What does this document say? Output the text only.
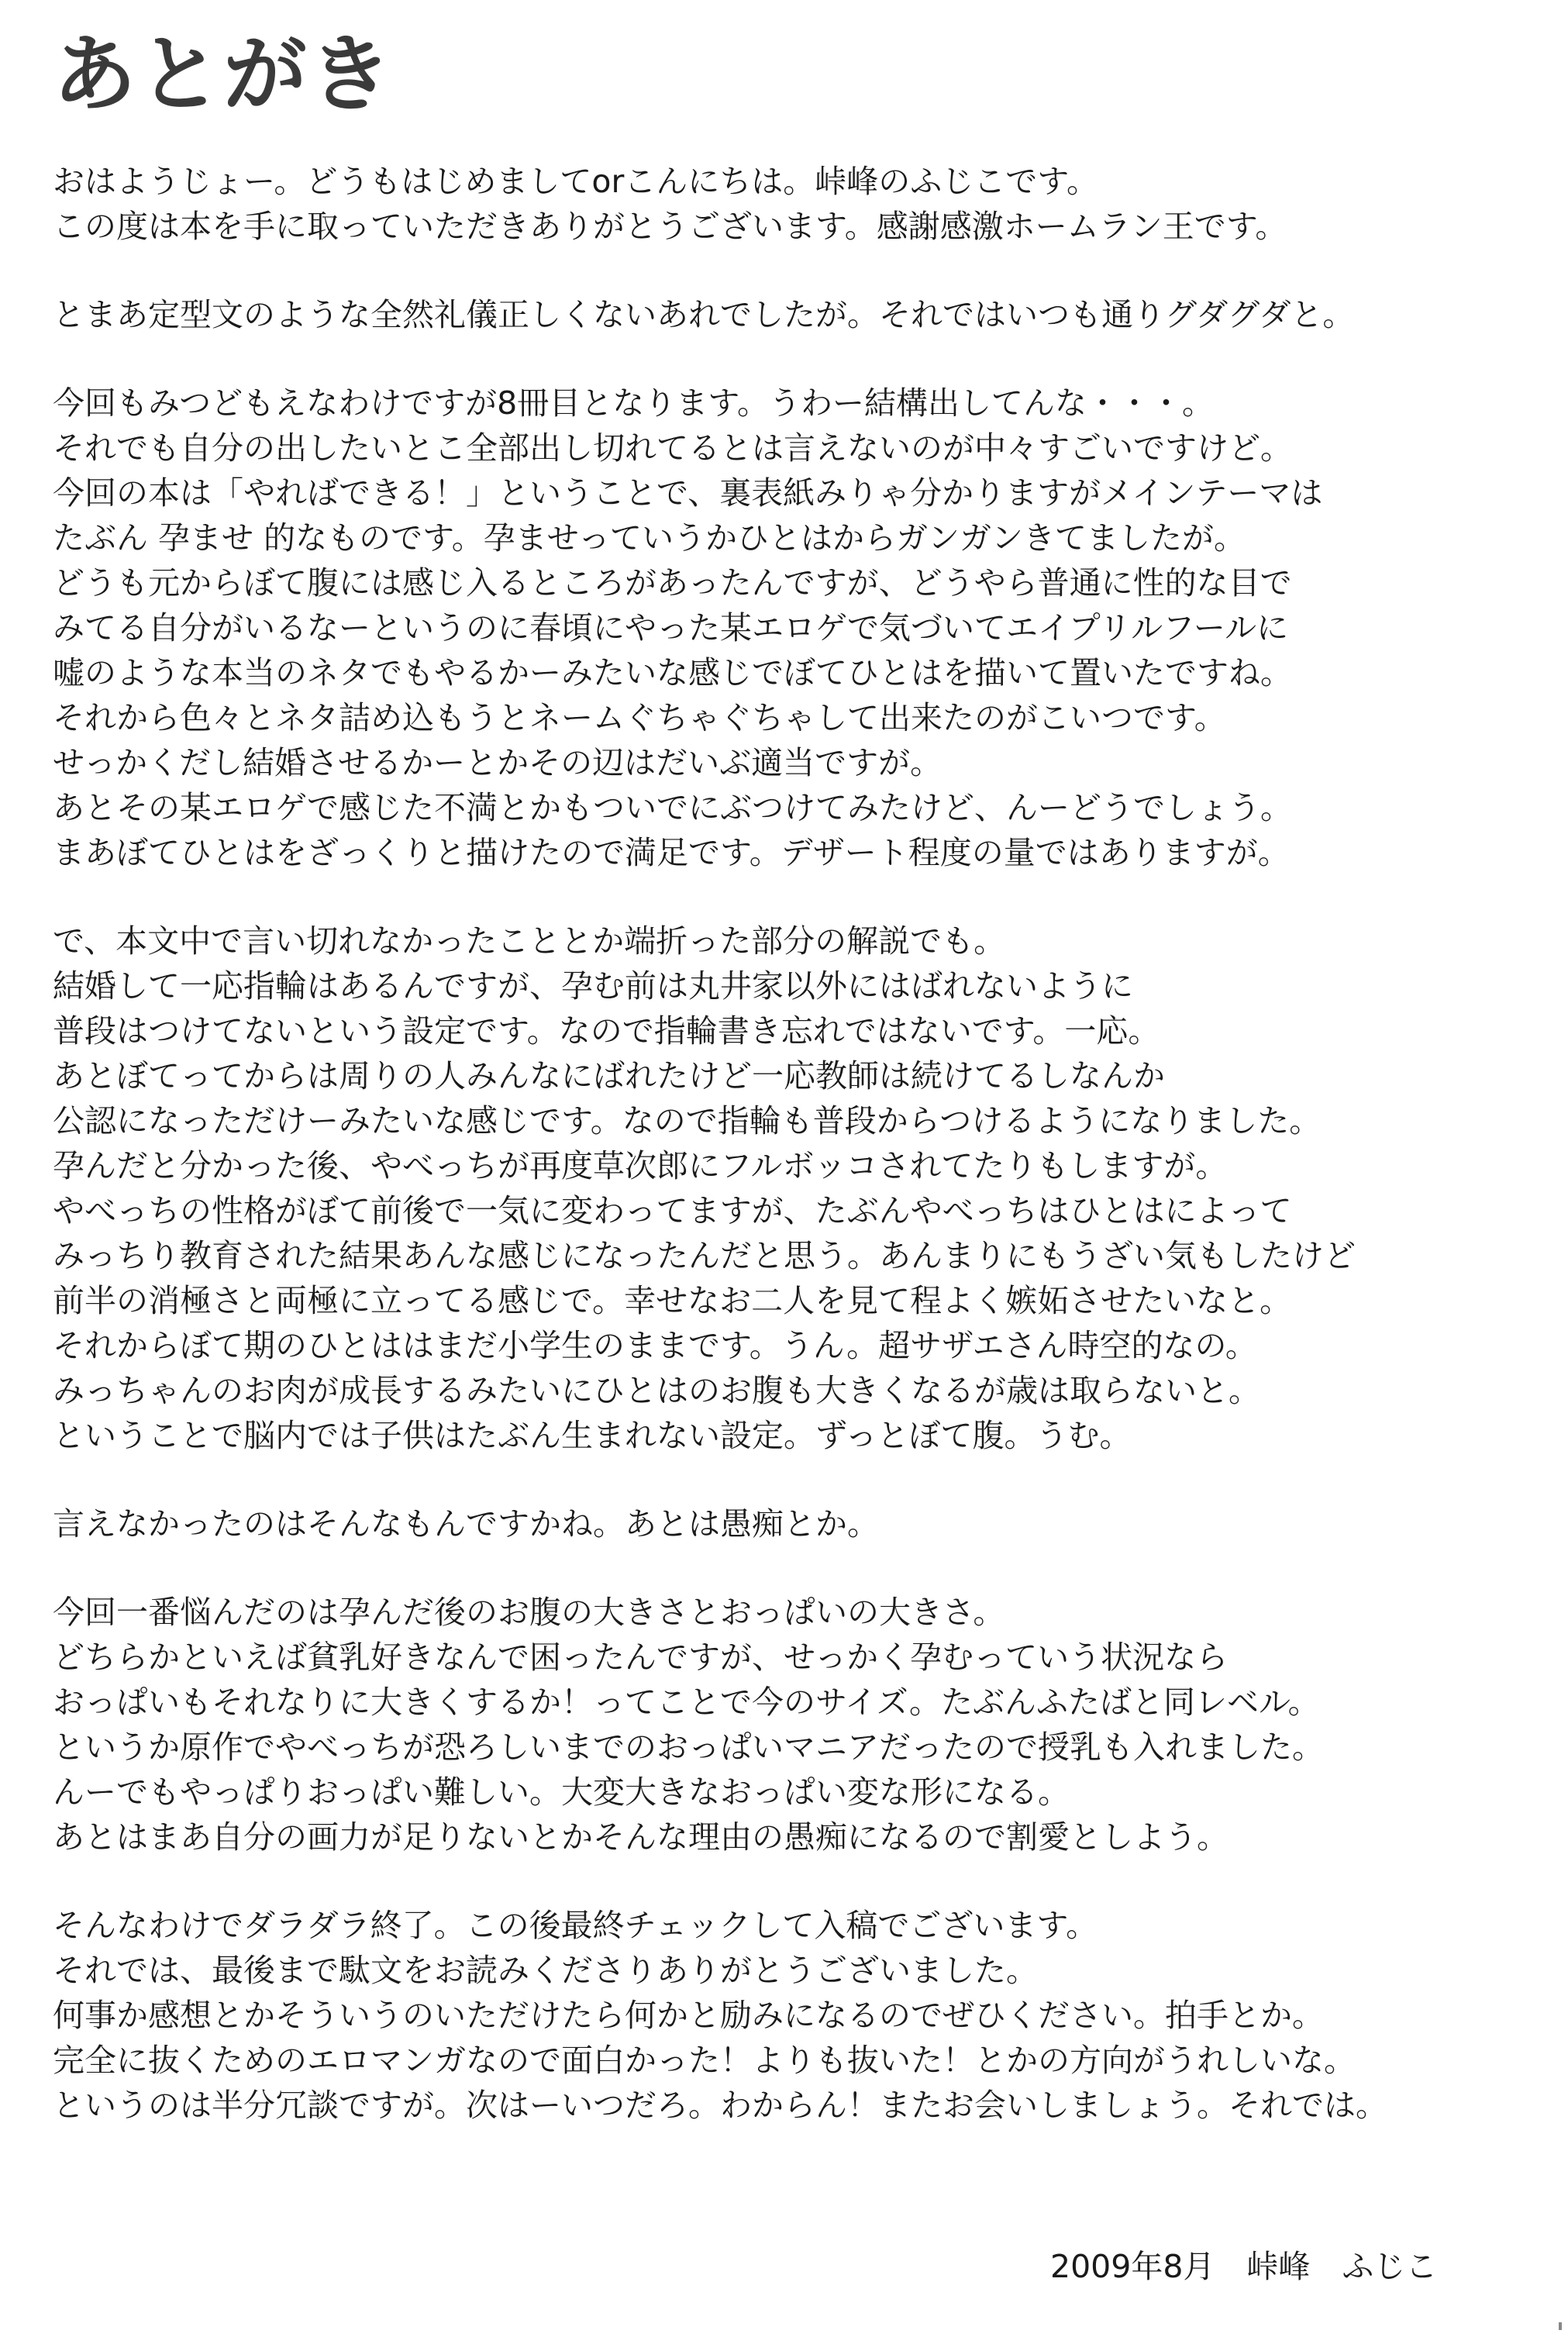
あとがき
おはようじょー。どうもはじめましてorこんにちは。峠峰のふじこです。
この度は本を手に取っていただきありがとうございます。感謝感激ホームラン王です。
とまあ定型文のような全然礼儀正しくないあれでしたが。それではいつも通りグダグダと。
今回もみつどもえなわけですが8冊目となります。うわー結構出してんな・・・。
それでも自分の出したいとこ全部出し切れてるとは言えないのが中々すごいですけど。
今回の本は「やればできる！」ということで、裏表紙みりゃ分かりますがメインテーマは
たぶん 孕ませ 的なものです。孕ませっていうかひとはからガンガンきてましたが。
どうも元からぼて腹には感じ入るところがあったんですが、どうやら普通に性的な目で
みてる自分がいるなーというのに春頃にやった某エロゲで気づいてエイプリルフールに
嘘のような本当のネタでもやるかーみたいな感じでぼてひとはを描いて置いたですね。
それから色々とネタ詰め込もうとネームぐちゃぐちゃして出来たのがこいつです。
せっかくだし結婚させるかーとかその辺はだいぶ適当ですが。
あとその某エロゲで感じた不満とかもついでにぶつけてみたけど、んーどうでしょう。
まあぼてひとはをざっくりと描けたので満足です。デザート程度の量ではありますが。
で、本文中で言い切れなかったこととか端折った部分の解説でも。
結婚して一応指輪はあるんですが、孕む前は丸井家以外にはばれないように
普段はつけてないという設定です。なので指輪書き忘れではないです。一応。
あとぼてってからは周りの人みんなにばれたけど一応教師は続けてるしなんか
公認になっただけーみたいな感じです。なので指輪も普段からつけるようになりました。
孕んだと分かった後、やべっちが再度草次郎にフルボッコされてたりもしますが。
やべっちの性格がぼて前後で一気に変わってますが、たぶんやべっちはひとはによって
みっちり教育された結果あんな感じになったんだと思う。あんまりにもうざい気もしたけど
前半の消極さと両極に立ってる感じで。幸せなお二人を見て程よく嫉妬させたいなと。
それからぼて期のひとははまだ小学生のままです。うん。超サザエさん時空的なの。
みっちゃんのお肉が成長するみたいにひとはのお腹も大きくなるが歳は取らないと。
ということで脳内では子供はたぶん生まれない設定。ずっとぼて腹。うむ。
言えなかったのはそんなもんですかね。あとは愚痴とか。
今回一番悩んだのは孕んだ後のお腹の大きさとおっぱいの大きさ。
どちらかといえば貧乳好きなんで困ったんですが、せっかく孕むっていう状況なら
おっぱいもそれなりに大きくするか！ってことで今のサイズ。たぶんふたばと同レベル。
というか原作でやべっちが恐ろしいまでのおっぱいマニアだったので授乳も入れました。
んーでもやっぱりおっぱい難しい。大変大きなおっぱい変な形になる。
あとはまあ自分の画力が足りないとかそんな理由の愚痴になるので割愛としよう。
そんなわけでダラダラ終了。この後最終チェックして入稿でございます。
それでは、最後まで駄文をお読みくださりありがとうございました。
何事か感想とかそういうのいただけたら何かと励みになるのでぜひください。拍手とか。
完全に抜くためのエロマンガなので面白かった！よりも抜いた！とかの方向がうれしいな。
というのは半分冗談ですが。次はーいつだろ。わからん！またお会いしましょう。それでは。
2009年8月　峠峰　ふじこ
